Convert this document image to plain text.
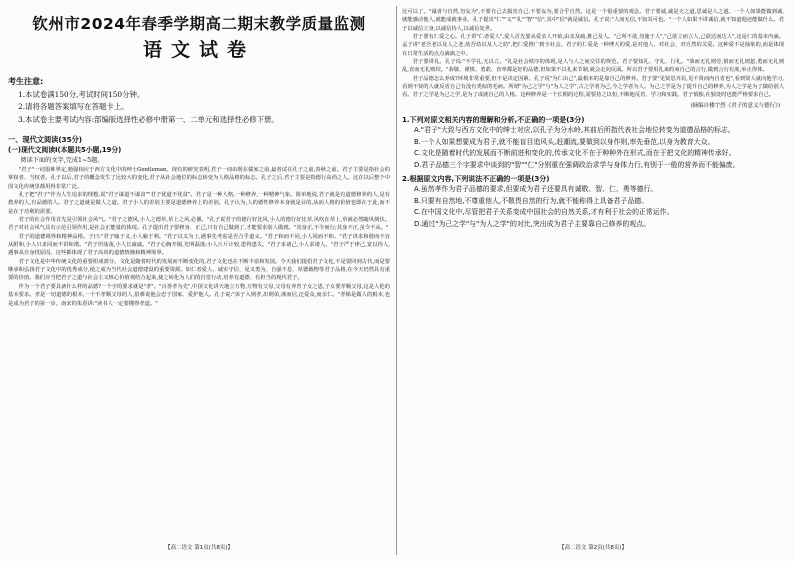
钦州市2024年春季学期高二期末教学质量监测
语文试卷
考生注意:

1.本试卷满150分,考试时间150分钟。

2.请将各题答案填写在答题卡上。

3.本试卷主要考试内容:部编版选择性必修中册第一、二单元和选择性必修下册。

一、现代文阅读(35分)
(一)现代文阅读Ⅰ(本题共5小题,19分)

阅读下面的文字,完成1~5题。

"君子"一词很难界定,勉强相应于西方文化中的绅士Gentleman。现有的研究表明,君子一词由既在儒家之前,最者试在孔子之前,春秋之前。君子主要是指社会的掌权者、当权者。孔子以后,君子的概念发生了比较大的变化,君子从社会地位的标志转变为人格品格的标志。孔子之后,君子主要是指德行高尚之人。这在以后整个中国文化传统里都用得非常广泛。

孔子把"君子"作为人生追求的理想,说"君子谋道不谋食""君子忧道不忧贫"。君子是一种人格,一种修养,一种精神气象。简单地说,君子就是有道德修养的人,是有教养的人,有品德的人。君子之道就是做人之道。君子小人的差别主要是道德修养上的差别。孔子认为,人的德性修养本身就是目的,从而人格的价值也即在于此,而不是在于功利的需要。

君子的社会作用首先是引领社会风气。"君子之德风,小人之德草,草上之风,必偃。"孔子说君子的德行好比风,小人的德行好比草,风吹在草上,草就必然随风倒伏。君子对社会风气具有示范引领作用,是社会正能量的体现。孔子提出君子要修身、正己,只有自己做到了,才能要求别人做到。"其身正,不令而行;其身不正,虽令不从。"

君子的道德境界和精神品格。子曰:"君子喻于义,小人喻于利。"君子以义为上,遇事先考虑是否合乎道义。"君子和而不同,小人同而不和。"君子讲求和谐而不盲从附和,小人只求同而不讲和谐。"君子坦荡荡,小人长戚戚。"君子心胸开阔,光明磊落;小人斤斤计较,患得患失。"君子求诸己,小人求诸人。"君子严于律己,宽以待人,遇事从自身找原因。这些都体现了君子高尚的道德情操和精神境界。

君子文化是中华传统文化的重要组成部分。文化是随着时代的发展而不断变化的,君子文化也在不断丰富和发展。今天我们提倡君子文化,不是要回到古代,而是要继承和弘扬君子文化中的优秀成分,使之成为当代社会道德建设的重要资源。如仁者爱人、诚实守信、见义勇为、自强不息、厚德载物等君子品格,在今天仍然具有重要的价值。我们应当把君子之道与社会主义核心价值观结合起来,使之转化为人们的自觉行动,培养有道德、有担当的现代君子。

作为一个君子要具备什么样的品德?一个字的要求就是"孝"。"百善孝为先",中国文化讲天地立万物,万物有父母,父母有养育子女之恩,子女要孝顺父母,这是人伦的基本要求。孝是一切道德的根本,一个不孝顺父母的人,很难说他会忠于国家、爱护他人。孔子说:"弟子入则孝,出则弟,谨而信,泛爱众,而亲仁。"孝悌是做人的根本,也是成为君子的第一步。南宋的朱熹讲:"读书人一定要懂得孝道。"

【高二语文 第1页(共8页)】

比可以了。"诚者与自然,勿妄为",不要自己去损害自己,不要妄为,要合乎自然。这是一个很重要的观念。君子要诚,诚是天之道,思诚是人之道。一个人如果能做到诚,就能感动他人,就能成就事业。孔子提出"仁""义""礼""智""信",其中"信"就是诚信。孔子说:"人而无信,不知其可也。"一个人如果不讲诚信,就不知道他还能做什么。君子以诚信立身,以诚信待人,以诚信处世。

君子要有仁爱之心。孔子讲"仁者爱人",爱人首先要从爱亲人开始,由亲及疏,推己及人。"己所不欲,勿施于人","己欲立而立人,己欲达而达人",这是仁的基本内涵。孟子讲"老吾老以及人之老,幼吾幼以及人之幼",把仁爱推广到全社会。君子的仁爱是一种博大的爱,是对他人、对社会、对自然的关爱。这种爱不是抽象的,而是体现在日常生活的点点滴滴之中。

君子要讲礼。孔子说:"不学礼,无以立。"礼是社会秩序的体现,是人与人之间交往的规范。君子要知礼、守礼、行礼。"恭而无礼则劳,慎而无礼则葸,勇而无礼则乱,直而无礼则绞。"恭敬、谨慎、勇敢、直率都是好的品德,但如果不以礼来节制,就会走向反面。所以君子要用礼来约束自己的言行,做到言行有度,举止得体。

君子品德怎么养成?环境非常重要,但不是决定因素。孔子说"为仁由己",最根本的是靠自己的修养。君子要"见贤思齐焉,见不贤而内自省也",看到贤人就向他学习,看到不贤的人就反省自己有没有类似的毛病。所谓"为己之学"与"为人之学",古之学者为己,今之学者为人。为己之学是为了提升自己的修养,为人之学是为了做给别人看。君子之学是为己之学,是为了成就自己的人格。这种修养是一个长期的过程,需要持之以恒,不断地反省、学习和实践。君子慎独,在独处时也能严格要求自己。

(摘编自楼宇烈《君子的意义与德行》)
1.下列对原文相关内容的理解和分析,不正确的一项是(3分)

A."君子"大致与西方文化中的绅士对应,以孔子为分水岭,其前后所指代表社会地位转变为道德品格的标志。

B.一个人如果想要成为君子,就不能盲目追风头,赶潮流,要做到以身作则,率先垂范,以身为教育大众。

C.文化是随着时代的发展而不断前进和变化的,传承文化不在于种种外在形式,而在于把文化的精神传承好。

D.君子品德三个字要求中谈到的"智""仁"分别重在强调政治求学与身体力行,有别于一般的营养而不能偏废。

2.根据原文内容,下列说法不正确的一项是(3分)

A.虽然孝作为君子品德的要求,但要成为君子还要具有诚敬、智、仁、勇等德行。

B.只要有自然地,不尊重他人,不敬畏自然的行为,就不能称得上具备君子品德。

C.在中国文化中,尽管把君子关系变成中国社会的自然关系,才有利于社会的正常运作。

D.通过"为己之学"与"为人之学"的对比,突出成为君子主要靠自己修养的观点。

【高二语文 第2页(共8页)】
